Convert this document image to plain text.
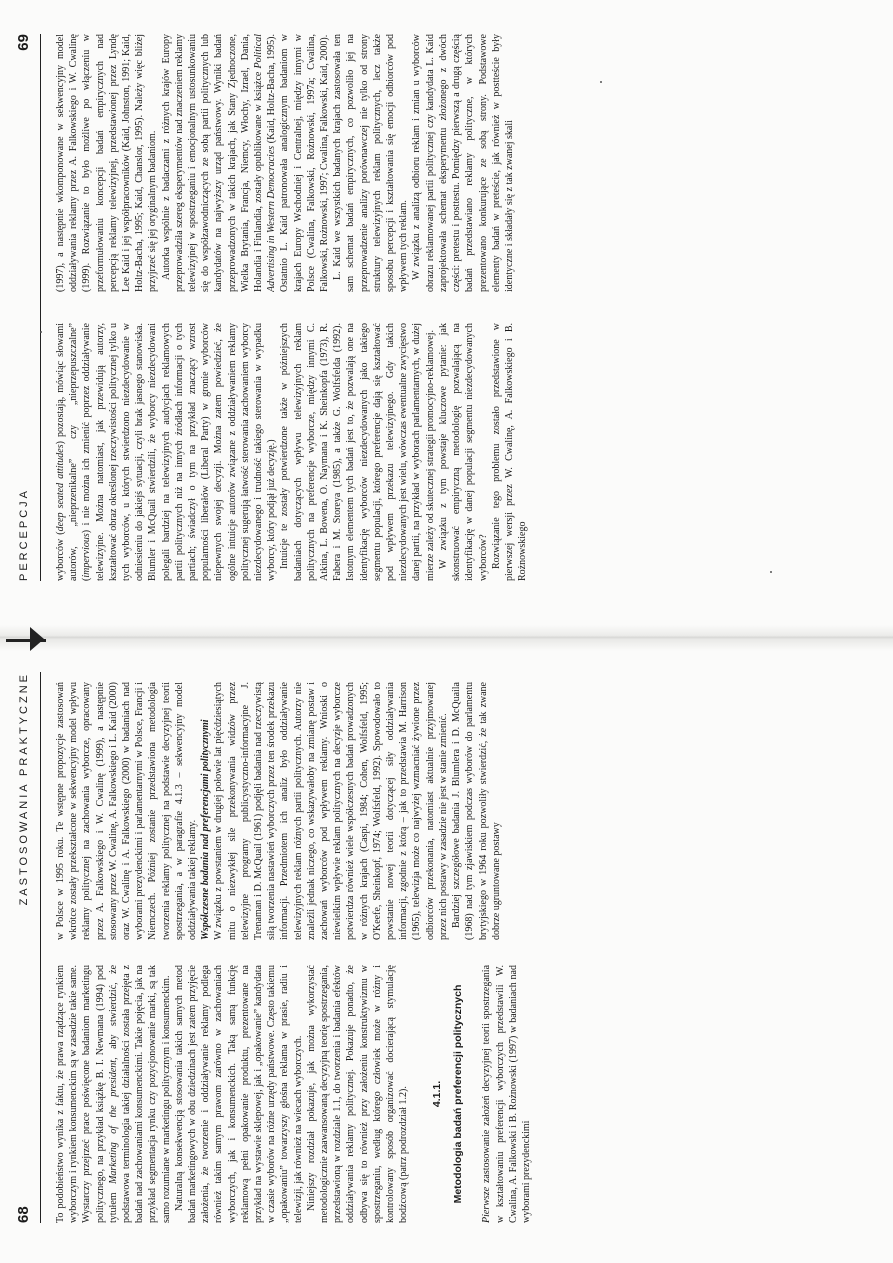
68
ZASTOSOWANIA PRAKTYCZNE

To podobieństwo wynika z faktu, że prawa rządzące rynkiem wyborczym i rynkiem konsumenckim są w zasadzie takie same. Wystarczy przejrzeć prace poświęcone badaniom marketingu politycznego, na przykład książkę B. I. Newmana (1994) pod tytułem Marketing of the president, aby stwierdzić, że podstawowa terminologia takiej działalności została przejęta z badań nad zachowaniami konsumenckimi. Takie pojęcia, jak na przykład segmentacja rynku czy pozycjonowanie marki, są tak samo rozumiane w marketingu politycznym i konsumenckim. Naturalną konsekwencją stosowania takich samych metod badań marketingowych w obu dziedzinach jest zatem przyjęcie założenia, że tworzenie i oddziaływanie reklamy podlega również takim samym prawom zarówno w zachowaniach wyborczych, jak i konsumenckich. Taką samą funkcję reklamową pełni opakowanie produktu, prezentowane na przykład na wystawie sklepowej, jak i „opakowanie” kandydata w czasie wyborów na różne urzędy państwowe. Często takiemu „opakowaniu” towarzyszy głośna reklama w prasie, radiu i telewizji, jak również na wiecach wyborczych. Niniejszy rozdział pokazuje, jak można wykorzystać metodologicznie zaawansowaną decyzyjną teorię spostrzegania, przedstawioną w rozdziale 1.1, do tworzenia i badania efektów oddziaływania reklamy politycznej. Pokazuje ponadto, że odbywa się to również przy założeniu konstruktywizmu w spostrzeganiu, według którego człowiek może w różny i kontrolowany sposób organizować docierającą stymulację bodźcową (patrz podrozdział 1.2). 4.1.1. Metodologia badań preferencji politycznych

Pierwsze zastosowanie założeń decyzyjnej teorii spostrzegania w kształtowaniu preferencji wyborczych przedstawili W. Cwalina, A. Falkowski i B. Rożnowski (1997) w badaniach nad wyborami prezydenckimi

w Polsce w 1995 roku. Te wstępne propozycje zastosowań wkrótce zostały przekształcone w sekwencyjny model wpływu reklamy politycznej na zachowania wyborcze, opracowany przez A. Falkowskiego i W. Cwalinę (1999), a następnie stosowany przez W. Cwalinę, A. Falkowskiego i L. Kaid (2000) oraz W. Cwalinę i A. Falkowskiego (2000) w badaniach nad wyborami prezydenckimi i parlamentarnymi w Polsce, Francji i Niemczech. Później zostanie przedstawiona metodologia tworzenia reklamy politycznej na podstawie decyzyjnej teorii spostrzegania, a w paragrafie 4.1.3 – sekwencyjny model oddziaływania takiej reklamy. Współczesne badania nad preferencjami politycznymi W związku z powstaniem w drugiej połowie lat pięćdziesiątych mitu o niezwykłej sile przekonywania widzów przez telewizyjne programy publicystyczno-informacyjne J. Trenaman i D. McQuail (1961) podjęli badania nad rzeczywistą siłą tworzenia nastawień wyborczych przez ten środek przekazu informacji. Przedmiotem ich analiz było oddziaływanie telewizyjnych reklam różnych partii politycznych. Autorzy nie znaleźli jednak niczego, co wskazywałoby na zmianę postaw i zachowań wyborców pod wpływem reklamy. Wnioski o niewielkim wpływie reklam politycznych na decyzje wyborcze potwierdza również wiele współczesnych badań prowadzonych w różnych krajach (Caspi, 1984; Cohen, Wolfsfeld, 1995; O'Keefe, Sheinkopf, 1974; Wolfsfeld, 1992). Spowodowało to powstanie nowej teorii dotyczącej siły oddziaływania informacji, zgodnie z którą – jak to przedstawia M. Harrison (1965), telewizja może co najwyżej wzmacniać żywione przez odbiorców przekonania, natomiast aktualnie przyjmowanej przez nich postawy w zasadzie nie jest w stanie zmienić. Bardziej szczegółowe badania J. Blumlera i D. McQuaila (1968) nad tym zjawiskiem podczas wyborów do parlamentu brytyjskiego w 1964 roku pozwoliły stwierdzić, że tak zwane dobrze ugruntowane postawy

PERCEPCJA
69

wyborców (deep seated attitudes) pozostają, mówiąc słowami autorów, „nieprzenikalne” czy „nieprzepuszczalne” (impervious) i nie można ich zmienić poprzez oddziaływanie telewizyjne. Można natomiast, jak przewidują autorzy, kształtować obraz określonej rzeczywistości politycznej tylko u tych wyborców, u których stwierdzono niezdecydowanie w odniesieniu do jakiejś sytuacji, czyli brak jasnego stanowiska. Blumler i McQuail stwierdzili, że wyborcy niezdecydowani polegali bardziej na telewizyjnych audycjach reklamowych partii politycznych niż na innych źródłach informacji o tych partiach; świadczył o tym na przykład znaczący wzrost popularności liberałów (Liberal Party) w gronie wyborców niepewnych swojej decyzji. Można zatem powiedzieć, że ogólne intuicje autorów związane z oddziaływaniem reklamy politycznej sugerują łatwość sterowania zachowaniem wyborcy niezdecydowanego i trudność takiego sterowania w wypadku wyborcy, który podjął już decyzję.) Intuicje te zostały potwierdzone także w późniejszych badaniach dotyczących wpływu telewizyjnych reklam politycznych na preferencje wyborcze, między innymi C. Atkina, L. Bowena, O. Naymana i K. Sheinkopfa (1973), R. Fabera i M. Storeya (1985), a także G. Wolfsfelda (1992). Istotnym elementem tych badań jest to, że pozwalają one na identyfikację wyborców niezdecydowanych jako takiego segmentu populacji, którego preferencje dają się kształtować pod wpływem przekazu telewizyjnego. Gdy takich niezdecydowanych jest wielu, wówczas ewentualne zwycięstwo danej partii, na przykład w wyborach parlamentarnych, w dużej mierze zależy od skutecznej strategii promocyjno-reklamowej. W związku z tym powstaje kluczowe pytanie: jak skonstruować empiryczną metodologię pozwalającą na identyfikację w danej populacji segmentu niezdecydowanych wyborców? Rozwiązanie tego problemu zostało przedstawione w pierwszej wersji przez W. Cwalinę, A. Falkowskiego i B. Rożnowskiego

(1997), a następnie wkomponowane w sekwencyjny model oddziaływania reklamy przez A. Falkowskiego i W. Cwalinę (1999). Rozwiązanie to było możliwe po włączeniu w przeformułowaniu koncepcji badań empirycznych nad percepcją reklamy telewizyjnej, przedstawionej przez Lyndę Lee Kaid i jej współpracowników (Kaid, Johnston, 1991; Kaid, Holtz-Bacha, 1995; Kaid, Chanslor, 1995). Należy więc bliżej przyjrzeć się jej oryginalnym badaniom. Autorka wspólnie z badaczami z różnych krajów Europy przeprowadziła szereg eksperymentów nad znaczeniem reklamy telewizyjnej w spostrzeganiu i emocjonalnym ustosunkowaniu się do współzawodniczących ze sobą partii politycznych lub kandydatów na najwyższy urząd państwowy. Wyniki badań przeprowadzonych w takich krajach, jak Stany Zjednoczone, Wielka Brytania, Francja, Niemcy, Włochy, Izrael, Dania, Holandia i Finlandia, zostały opublikowane w książce Political Advertising in Western Democracies (Kaid, Holtz-Bacha, 1995). Ostatnio L. Kaid patronowała analogicznym badaniom w krajach Europy Wschodniej i Centralnej, między innymi w Polsce (Cwalina, Falkowski, Rożnowski, 1997a; Cwalina, Falkowski, Rożnowski, 1997; Cwalina, Falkowski, Kaid, 2000). L. Kaid we wszystkich badanych krajach zastosowała ten sam schemat badań empirycznych, co pozwoliło jej na przeprowadzenie analizy porównawczej nie tylko od strony struktury telewizyjnych reklam politycznych, lecz także sposobu percepcji i kształtowania się emocji odbiorców pod wpływem tych reklam. W związku z analizą odbioru reklam i zmian u wyborców obrazu reklamowanej partii politycznej czy kandydata L. Kaid zaprojektowała schemat eksperymentu złożonego z dwóch części: pretestu i posttestu. Pomiędzy pierwszą a drugą częścią badań przedstawiano reklamy polityczne, w których prezentowano konkurujące ze sobą strony. Podstawowe elementy badań w preteście, jak również w postteście były identyczne i składały się z tak zwanej skali
